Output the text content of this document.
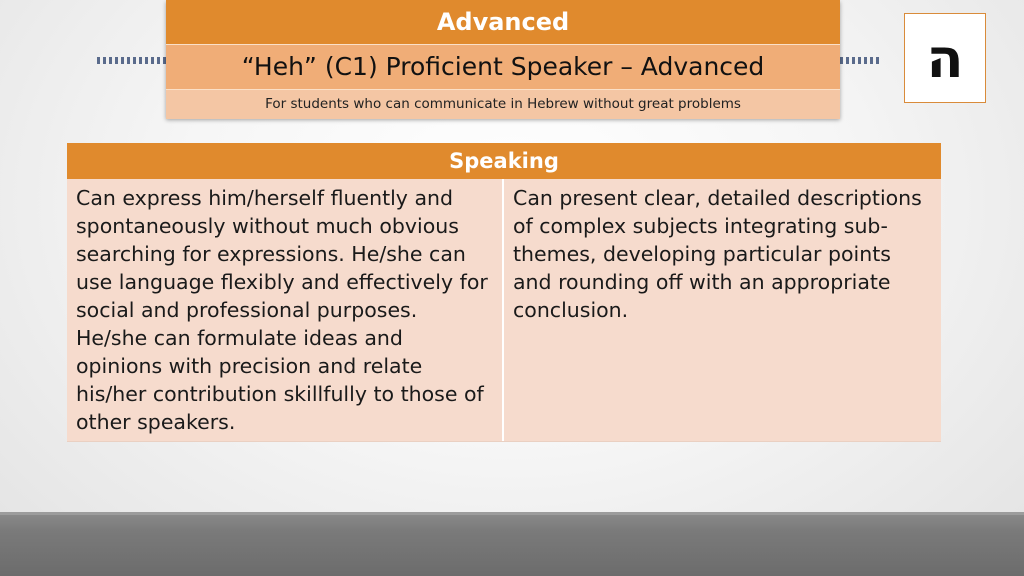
Advanced
“Heh” (C1) Proficient Speaker – Advanced
For students who can communicate in Hebrew without great problems
ה
Speaking
Can express him/herself fluently and spontaneously without much obvious searching for expressions. He/she can use language flexibly and effectively for social and professional purposes. He/she can formulate ideas and opinions with precision and relate his/her contribution skillfully to those of other speakers.
Can present clear, detailed descriptions of complex subjects integrating sub-themes, developing particular points and rounding off with an appropriate conclusion.
